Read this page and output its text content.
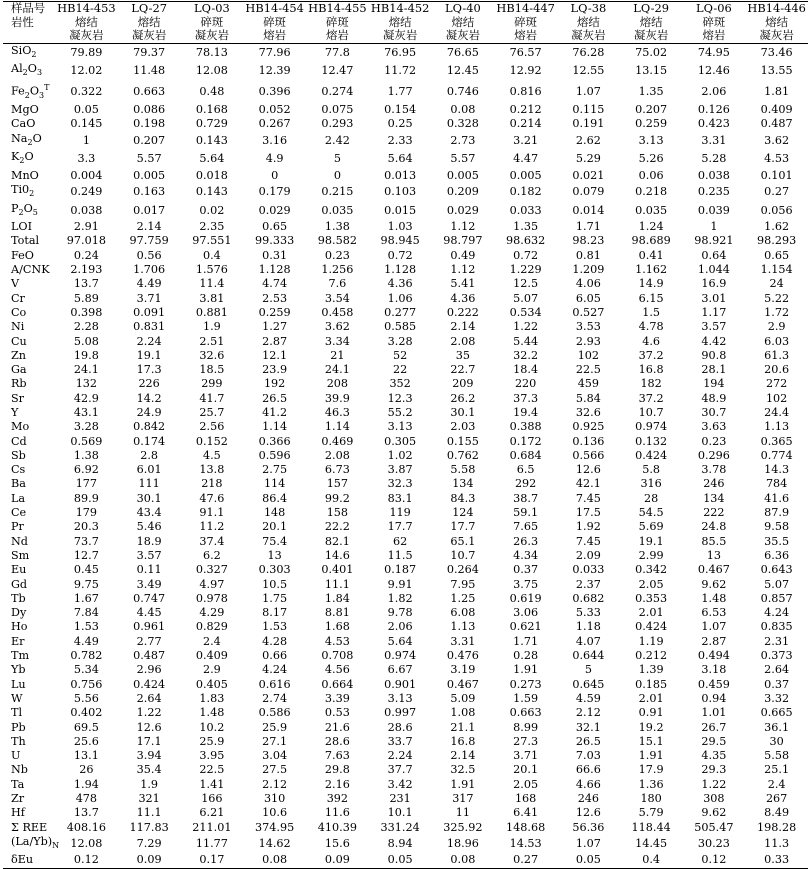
样品号	HB14-453	LQ-27	LQ-03	HB14-454	HB14-455	HB14-452	LQ-40	HB14-447	LQ-38	LQ-29	LQ-06	HB14-446
岩性	熔结	熔结	碎斑	碎斑	碎斑	熔结	熔结	碎斑	熔结	熔结	碎斑	熔结
	凝灰岩	凝灰岩	凝灰岩	熔岩	熔岩	凝灰岩	凝灰岩	熔岩	凝灰岩	凝灰岩	熔岩	凝灰岩
SiO$_2$	79.89	79.37	78.13	77.96	77.8	76.95	76.65	76.57	76.28	75.02	74.95	73.46
$Al_2O_3$	12.02	11.48	12.08	12.39	12.47	11.72	12.45	12.92	12.55	13.15	12.46	13.55
$Fe_2O_3^T$	0.322	0.663	0.48	0.396	0.274	1.77	0.746	0.816	1.07	1.35	2.06	1.81
MgO	0.05	0.086	0.168	0.052	0.075	0.154	0.08	0.212	0.115	0.207	0.126	0.409
CaO	0.145	0.198	0.729	0.267	0.293	0.25	0.328	0.214	0.191	0.259	0.423	0.487
$Na_2O$	1	0.207	0.143	3.16	2.42	2.33	2.73	3.21	2.62	3.13	3.31	3.62
$K_2O$	3.3	5.57	5.64	4.9	5	5.64	5.57	4.47	5.29	5.26	5.28	4.53
MnO	0.004	0.005	0.018	0	0	0.013	0.005	0.005	0.021	0.06	0.038	0.101
$Ti0_2$	0.249	0.163	0.143	0.179	0.215	0.103	0.209	0.182	0.079	0.218	0.235	0.27
$P_2O_5$	0.038	0.017	0.02	0.029	0.035	0.015	0.029	0.033	0.014	0.035	0.039	0.056
LOI	2.91	2.14	2.35	0.65	1.38	1.03	1.12	1.35	1.71	1.24	1	1.62
Total	97.018	97.759	97.551	99.333	98.582	98.945	98.797	98.632	98.23	98.689	98.921	98.293
FeO	0.24	0.56	0.4	0.31	0.23	0.72	0.49	0.72	0.81	0.41	0.64	0.65
A/CNK	2.193	1.706	1.576	1.128	1.256	1.128	1.12	1.229	1.209	1.162	1.044	1.154
V	13.7	4.49	11.4	4.74	7.6	4.36	5.41	12.5	4.06	14.9	16.9	24
Cr	5.89	3.71	3.81	2.53	3.54	1.06	4.36	5.07	6.05	6.15	3.01	5.22
Co	0.398	0.091	0.881	0.259	0.458	0.277	0.222	0.534	0.527	1.5	1.17	1.72
Ni	2.28	0.831	1.9	1.27	3.62	0.585	2.14	1.22	3.53	4.78	3.57	2.9
Cu	5.08	2.24	2.51	2.87	3.34	3.28	2.08	5.44	2.93	4.6	4.42	6.03
Zn	19.8	19.1	32.6	12.1	21	52	35	32.2	102	37.2	90.8	61.3
Ga	24.1	17.3	18.5	23.9	24.1	22	22.7	18.4	22.5	16.8	28.1	20.6
Rb	132	226	299	192	208	352	209	220	459	182	194	272
Sr	42.9	14.2	41.7	26.5	39.9	12.3	26.2	37.3	5.84	37.2	48.9	102
Y	43.1	24.9	25.7	41.2	46.3	55.2	30.1	19.4	32.6	10.7	30.7	24.4
Mo	3.28	0.842	2.56	1.14	1.14	3.13	2.03	0.388	0.925	0.974	3.63	1.13
Cd	0.569	0.174	0.152	0.366	0.469	0.305	0.155	0.172	0.136	0.132	0.23	0.365
Sb	1.38	2.8	4.5	0.596	2.08	1.02	0.762	0.684	0.566	0.424	0.296	0.774
Cs	6.92	6.01	13.8	2.75	6.73	3.87	5.58	6.5	12.6	5.8	3.78	14.3
Ba	177	111	218	114	157	32.3	134	292	42.1	316	246	784
La	89.9	30.1	47.6	86.4	99.2	83.1	84.3	38.7	7.45	28	134	41.6
Ce	179	43.4	91.1	148	158	119	124	59.1	17.5	54.5	222	87.9
Pr	20.3	5.46	11.2	20.1	22.2	17.7	17.7	7.65	1.92	5.69	24.8	9.58
Nd	73.7	18.9	37.4	75.4	82.1	62	65.1	26.3	7.45	19.1	85.5	35.5
Sm	12.7	3.57	6.2	13	14.6	11.5	10.7	4.34	2.09	2.99	13	6.36
Eu	0.45	0.11	0.327	0.303	0.401	0.187	0.264	0.37	0.033	0.342	0.467	0.643
Gd	9.75	3.49	4.97	10.5	11.1	9.91	7.95	3.75	2.37	2.05	9.62	5.07
Tb	1.67	0.747	0.978	1.75	1.84	1.82	1.25	0.619	0.682	0.353	1.48	0.857
Dy	7.84	4.45	4.29	8.17	8.81	9.78	6.08	3.06	5.33	2.01	6.53	4.24
Ho	1.53	0.961	0.829	1.53	1.68	2.06	1.13	0.621	1.18	0.424	1.07	0.835
Er	4.49	2.77	2.4	4.28	4.53	5.64	3.31	1.71	4.07	1.19	2.87	2.31
Tm	0.782	0.487	0.409	0.66	0.708	0.974	0.476	0.28	0.644	0.212	0.494	0.373
Yb	5.34	2.96	2.9	4.24	4.56	6.67	3.19	1.91	5	1.39	3.18	2.64
Lu	0.756	0.424	0.405	0.616	0.664	0.901	0.467	0.273	0.645	0.185	0.459	0.37
W	5.56	2.64	1.83	2.74	3.39	3.13	5.09	1.59	4.59	2.01	0.94	3.32
Tl	0.402	1.22	1.48	0.586	0.53	0.997	1.08	0.663	2.12	0.91	1.01	0.665
Pb	69.5	12.6	10.2	25.9	21.6	28.6	21.1	8.99	32.1	19.2	26.7	36.1
Th	25.6	17.1	25.9	27.1	28.6	33.7	16.8	27.3	26.5	15.1	29.5	30
U	13.1	3.94	3.95	3.04	7.63	2.24	2.14	3.71	7.03	1.91	4.35	5.58
Nb	26	35.4	22.5	27.5	29.8	37.7	32.5	20.1	66.6	17.9	29.3	25.1
Ta	1.94	1.9	1.41	2.12	2.16	3.42	1.91	2.05	4.66	1.36	1.22	2.4
Zr	478	321	166	310	392	231	317	168	246	180	308	267
Hf	13.7	11.1	6.21	10.6	11.6	10.1	11	6.41	12.6	5.79	9.62	8.49
Σ REE	408.16	117.83	211.01	374.95	410.39	331.24	325.92	148.68	56.36	118.44	505.47	198.28
$(La/Yb)_N$	12.08	7.29	11.77	14.62	15.6	8.94	18.96	14.53	1.07	14.45	30.23	11.3
δEu	0.12	0.09	0.17	0.08	0.09	0.05	0.08	0.27	0.05	0.4	0.12	0.33
